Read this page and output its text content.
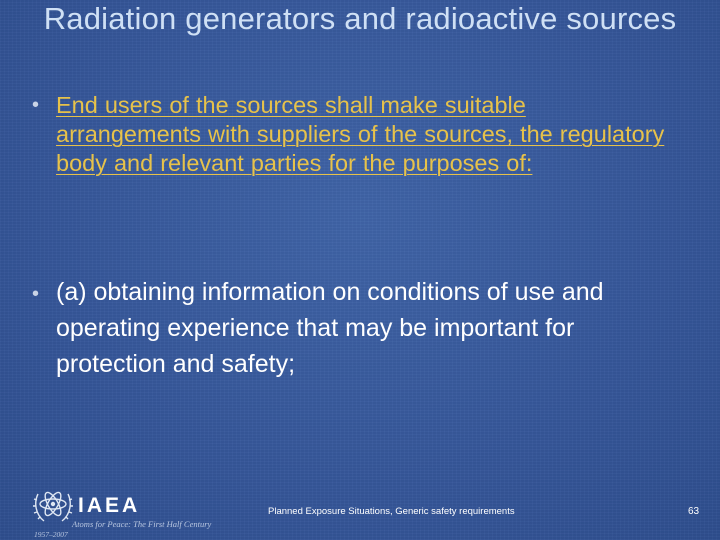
Radiation generators and radioactive sources
• End users of the sources shall make suitable arrangements with suppliers of the sources, the regulatory body and relevant parties for the purposes of:
• (a) obtaining information on conditions of use and operating experience that may be important for protection and safety;
IAEA
Atoms for Peace: The First Half Century
1957–2007
Planned Exposure Situations, Generic safety requirements	63
